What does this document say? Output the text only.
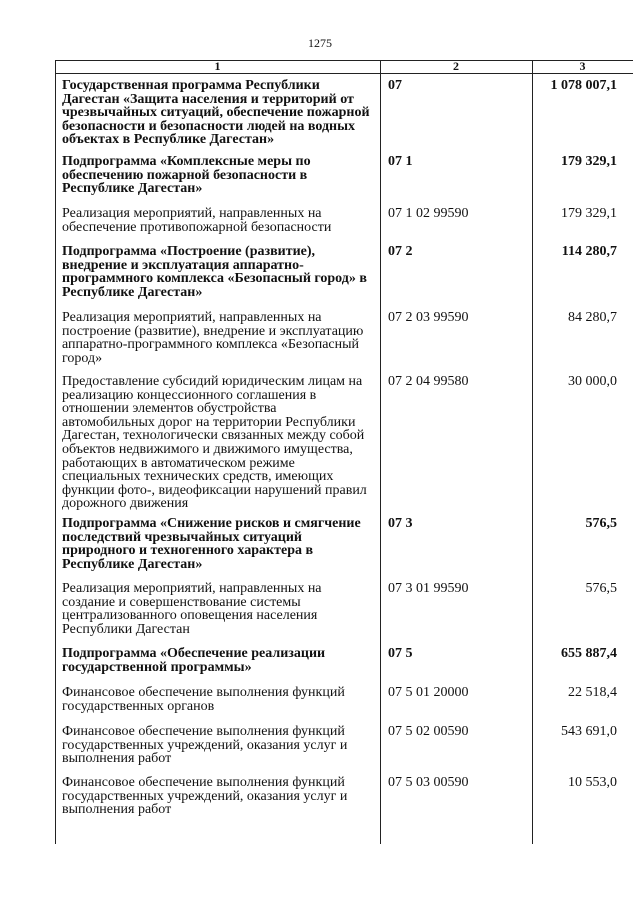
1275
1	2	3
Государственная программа Республики Дагестан «Защита населения и территорий от чрезвычайных ситуаций, обеспечение пожарной безопасности и безопасности людей на водных объектах в Республике Дагестан»
07	1 078 007,1
Подпрограмма «Комплексные меры по обеспечению пожарной безопасности в Республике Дагестан»
07 1	179 329,1
Реализация мероприятий, направленных на обеспечение противопожарной безопасности
07 1 02 99590	179 329,1
Подпрограмма «Построение (развитие), внедрение и эксплуатация аппаратно-программного комплекса «Безопасный город» в Республике Дагестан»
07 2	114 280,7
Реализация мероприятий, направленных на построение (развитие), внедрение и эксплуатацию аппаратно-программного комплекса «Безопасный город»
07 2 03 99590	84 280,7
Предоставление субсидий юридическим лицам на реализацию концессионного соглашения в отношении элементов обустройства автомобильных дорог на территории Республики Дагестан, технологически связанных между собой объектов недвижимого и движимого имущества, работающих в автоматическом режиме специальных технических средств, имеющих функции фото-, видеофиксации нарушений правил дорожного движения
07 2 04 99580	30 000,0
Подпрограмма «Снижение рисков и смягчение последствий чрезвычайных ситуаций природного и техногенного характера в Республике Дагестан»
07 3	576,5
Реализация мероприятий, направленных на создание и совершенствование системы централизованного оповещения населения Республики Дагестан
07 3 01 99590	576,5
Подпрограмма «Обеспечение реализации государственной программы»
07 5	655 887,4
Финансовое обеспечение выполнения функций государственных органов
07 5 01 20000	22 518,4
Финансовое обеспечение выполнения функций государственных учреждений, оказания услуг и выполнения работ
07 5 02 00590	543 691,0
Финансовое обеспечение выполнения функций государственных учреждений, оказания услуг и выполнения работ
07 5 03 00590	10 553,0
